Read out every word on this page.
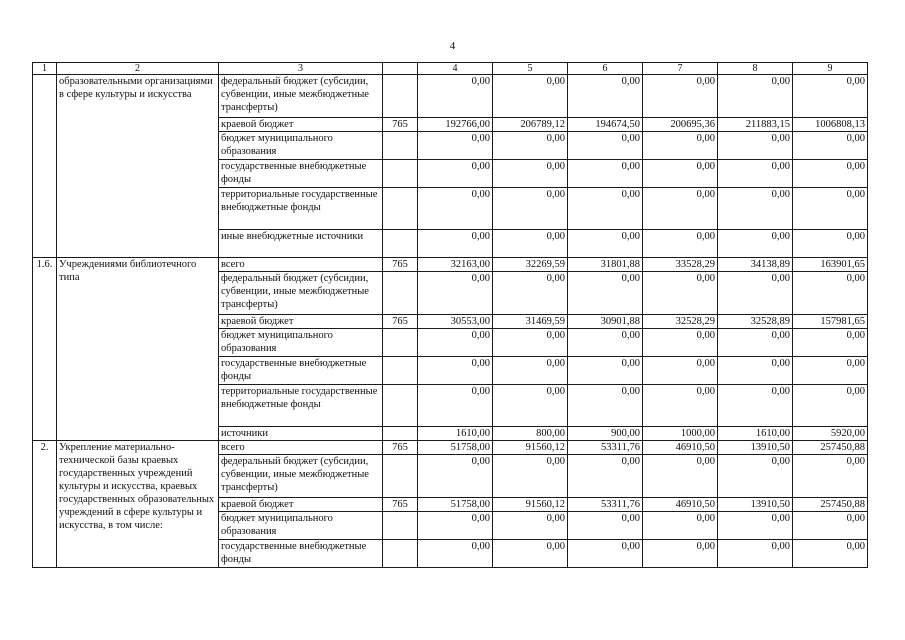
4
1	2	3		4	5	6	7	8	9
	образовательными организациями в сфере культуры и искусства	федеральный бюджет (субсидии, субвенции, иные межбюджетные трансферты)		0,00	0,00	0,00	0,00	0,00	0,00
		краевой бюджет	765	192766,00	206789,12	194674,50	200695,36	211883,15	1006808,13
		бюджет муниципального образования		0,00	0,00	0,00	0,00	0,00	0,00
		государственные внебюджетные фонды		0,00	0,00	0,00	0,00	0,00	0,00
		территориальные государственные внебюджетные фонды		0,00	0,00	0,00	0,00	0,00	0,00
		иные внебюджетные источники		0,00	0,00	0,00	0,00	0,00	0,00
1.6.	Учреждениями библиотечного типа	всего	765	32163,00	32269,59	31801,88	33528,29	34138,89	163901,65
		федеральный бюджет (субсидии, субвенции, иные межбюджетные трансферты)		0,00	0,00	0,00	0,00	0,00	0,00
		краевой бюджет	765	30553,00	31469,59	30901,88	32528,29	32528,89	157981,65
		бюджет муниципального образования		0,00	0,00	0,00	0,00	0,00	0,00
		государственные внебюджетные фонды		0,00	0,00	0,00	0,00	0,00	0,00
		территориальные государственные внебюджетные фонды		0,00	0,00	0,00	0,00	0,00	0,00
		источники		1610,00	800,00	900,00	1000,00	1610,00	5920,00
2.	Укрепление материально-технической базы краевых государственных учреждений культуры и искусства, краевых государственных образовательных учреждений в сфере культуры и искусства, в том числе:	всего	765	51758,00	91560,12	53311,76	46910,50	13910,50	257450,88
		федеральный бюджет (субсидии, субвенции, иные межбюджетные трансферты)		0,00	0,00	0,00	0,00	0,00	0,00
		краевой бюджет	765	51758,00	91560,12	53311,76	46910,50	13910,50	257450,88
		бюджет муниципального образования		0,00	0,00	0,00	0,00	0,00	0,00
		государственные внебюджетные фонды		0,00	0,00	0,00	0,00	0,00	0,00
